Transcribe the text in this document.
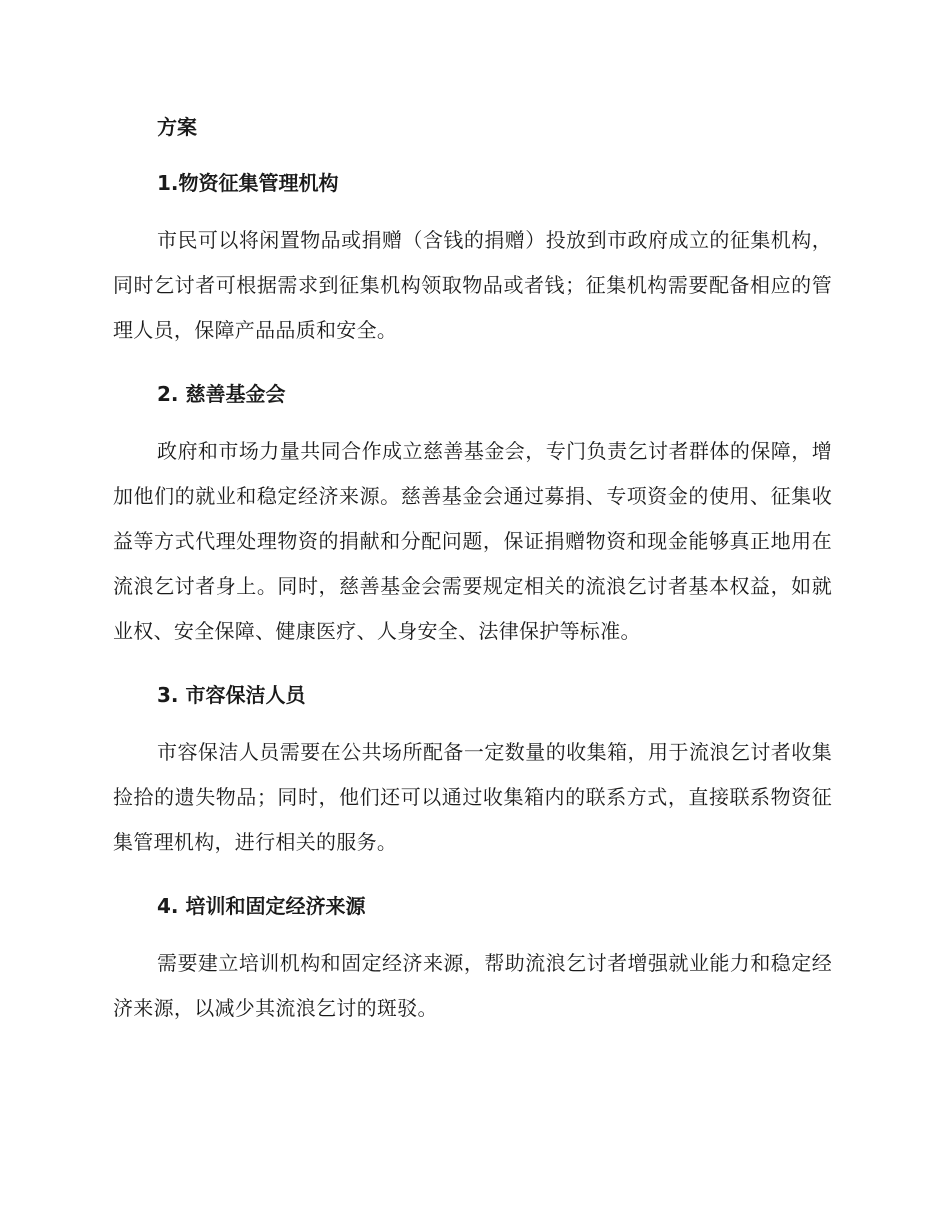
方案
1.物资征集管理机构

市民可以将闲置物品或捐赠（含钱的捐赠）投放到市政府成立的征集机构，同时乞讨者可根据需求到征集机构领取物品或者钱；征集机构需要配备相应的管理人员，保障产品品质和安全。

2. 慈善基金会

政府和市场力量共同合作成立慈善基金会，专门负责乞讨者群体的保障，增加他们的就业和稳定经济来源。慈善基金会通过募捐、专项资金的使用、征集收益等方式代理处理物资的捐献和分配问题，保证捐赠物资和现金能够真正地用在流浪乞讨者身上。同时，慈善基金会需要规定相关的流浪乞讨者基本权益，如就业权、安全保障、健康医疗、人身安全、法律保护等标准。

3. 市容保洁人员

市容保洁人员需要在公共场所配备一定数量的收集箱，用于流浪乞讨者收集捡拾的遗失物品；同时，他们还可以通过收集箱内的联系方式，直接联系物资征集管理机构，进行相关的服务。

4. 培训和固定经济来源

需要建立培训机构和固定经济来源，帮助流浪乞讨者增强就业能力和稳定经济来源，以减少其流浪乞讨的斑驳。
